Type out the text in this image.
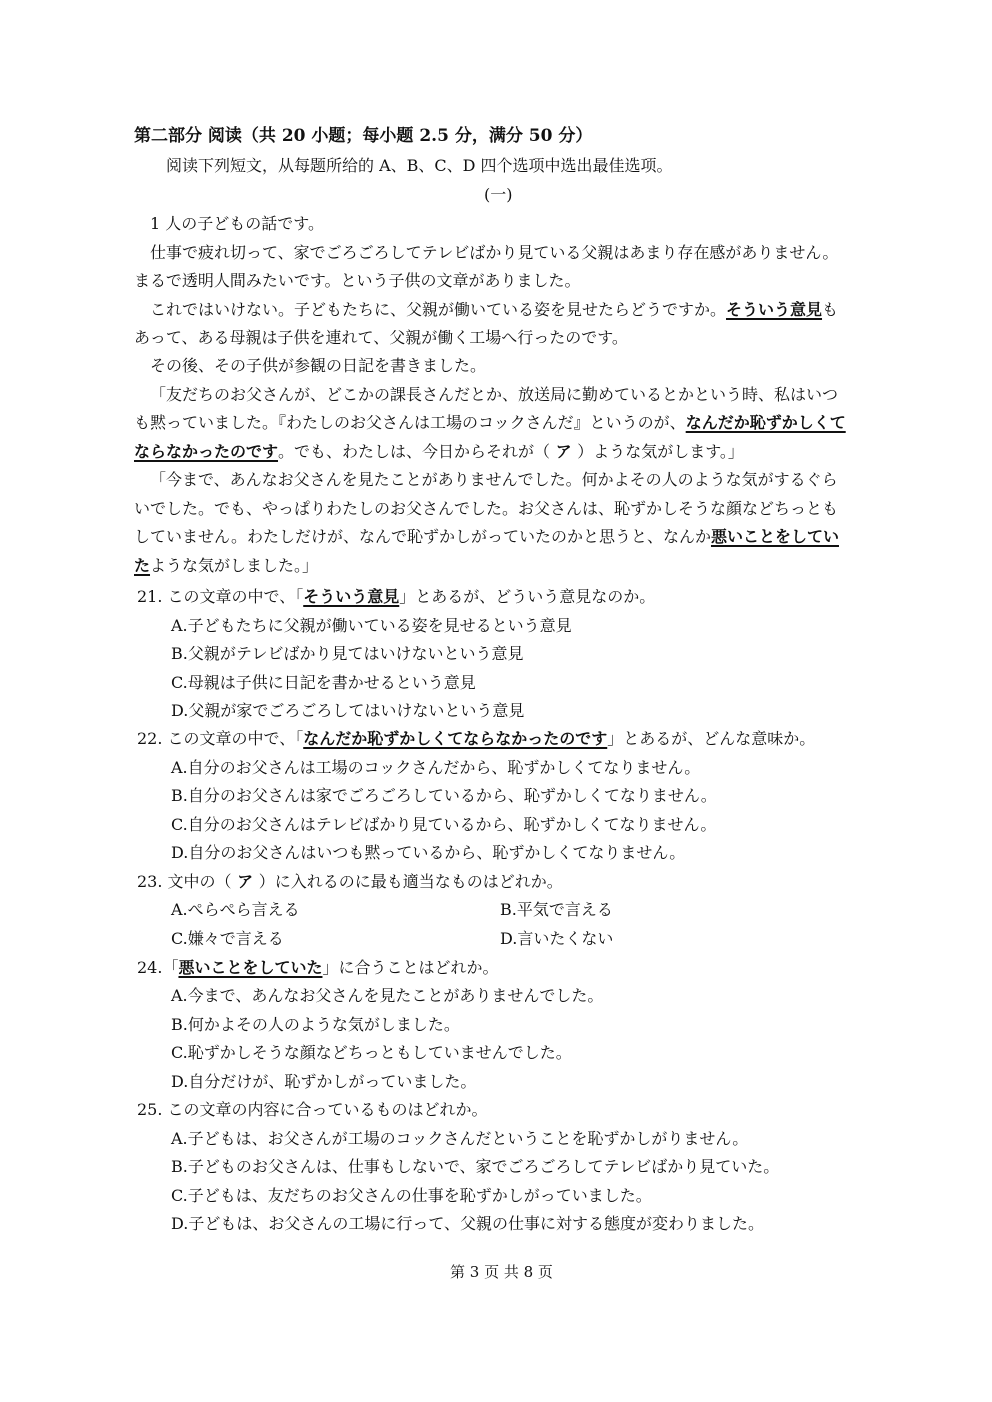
第二部分 阅读（共 20 小题；每小题 2.5 分，满分 50 分）
阅读下列短文，从每题所给的 A、B、C、D 四个选项中选出最佳选项。
(一)
1 人の子どもの話です。
仕事で疲れ切って、家でごろごろしてテレビばかり見ている父親はあまり存在感がありません。
まるで透明人間みたいです。という子供の文章がありました。
これではいけない。子どもたちに、父親が働いている姿を見せたらどうですか。そういう意見も
あって、ある母親は子供を連れて、父親が働く工場へ行ったのです。
その後、その子供が参観の日記を書きました。
「友だちのお父さんが、どこかの課長さんだとか、放送局に勤めているとかという時、私はいつ
も黙っていました。『わたしのお父さんは工場のコックさんだ』というのが、なんだか恥ずかしくて
ならなかったのです。でも、わたしは、今日からそれが（ ア ）ような気がします。」
「今まで、あんなお父さんを見たことがありませんでした。何かよその人のような気がするぐら
いでした。でも、やっぱりわたしのお父さんでした。お父さんは、恥ずかしそうな顔などちっとも
していません。わたしだけが、なんで恥ずかしがっていたのかと思うと、なんか悪いことをしてい
たような気がしました。」
21. この文章の中で、「そういう意見」とあるが、どういう意見なのか。
A.子どもたちに父親が働いている姿を見せるという意見
B.父親がテレビばかり見てはいけないという意見
C.母親は子供に日記を書かせるという意見
D.父親が家でごろごろしてはいけないという意見
22. この文章の中で、「なんだか恥ずかしくてならなかったのです」とあるが、どんな意味か。
A.自分のお父さんは工場のコックさんだから、恥ずかしくてなりません。
B.自分のお父さんは家でごろごろしているから、恥ずかしくてなりません。
C.自分のお父さんはテレビばかり見ているから、恥ずかしくてなりません。
D.自分のお父さんはいつも黙っているから、恥ずかしくてなりません。
23. 文中の（ ア ）に入れるのに最も適当なものはどれか。
A.ぺらぺら言える	B.平気で言える
C.嫌々で言える	D.言いたくない
24.「悪いことをしていた」に合うことはどれか。
A.今まで、あんなお父さんを見たことがありませんでした。
B.何かよその人のような気がしました。
C.恥ずかしそうな顔などちっともしていませんでした。
D.自分だけが、恥ずかしがっていました。
25. この文章の内容に合っているものはどれか。
A.子どもは、お父さんが工場のコックさんだということを恥ずかしがりません。
B.子どものお父さんは、仕事もしないで、家でごろごろしてテレビばかり見ていた。
C.子どもは、友だちのお父さんの仕事を恥ずかしがっていました。
D.子どもは、お父さんの工場に行って、父親の仕事に対する態度が変わりました。
第 3 页 共 8 页
